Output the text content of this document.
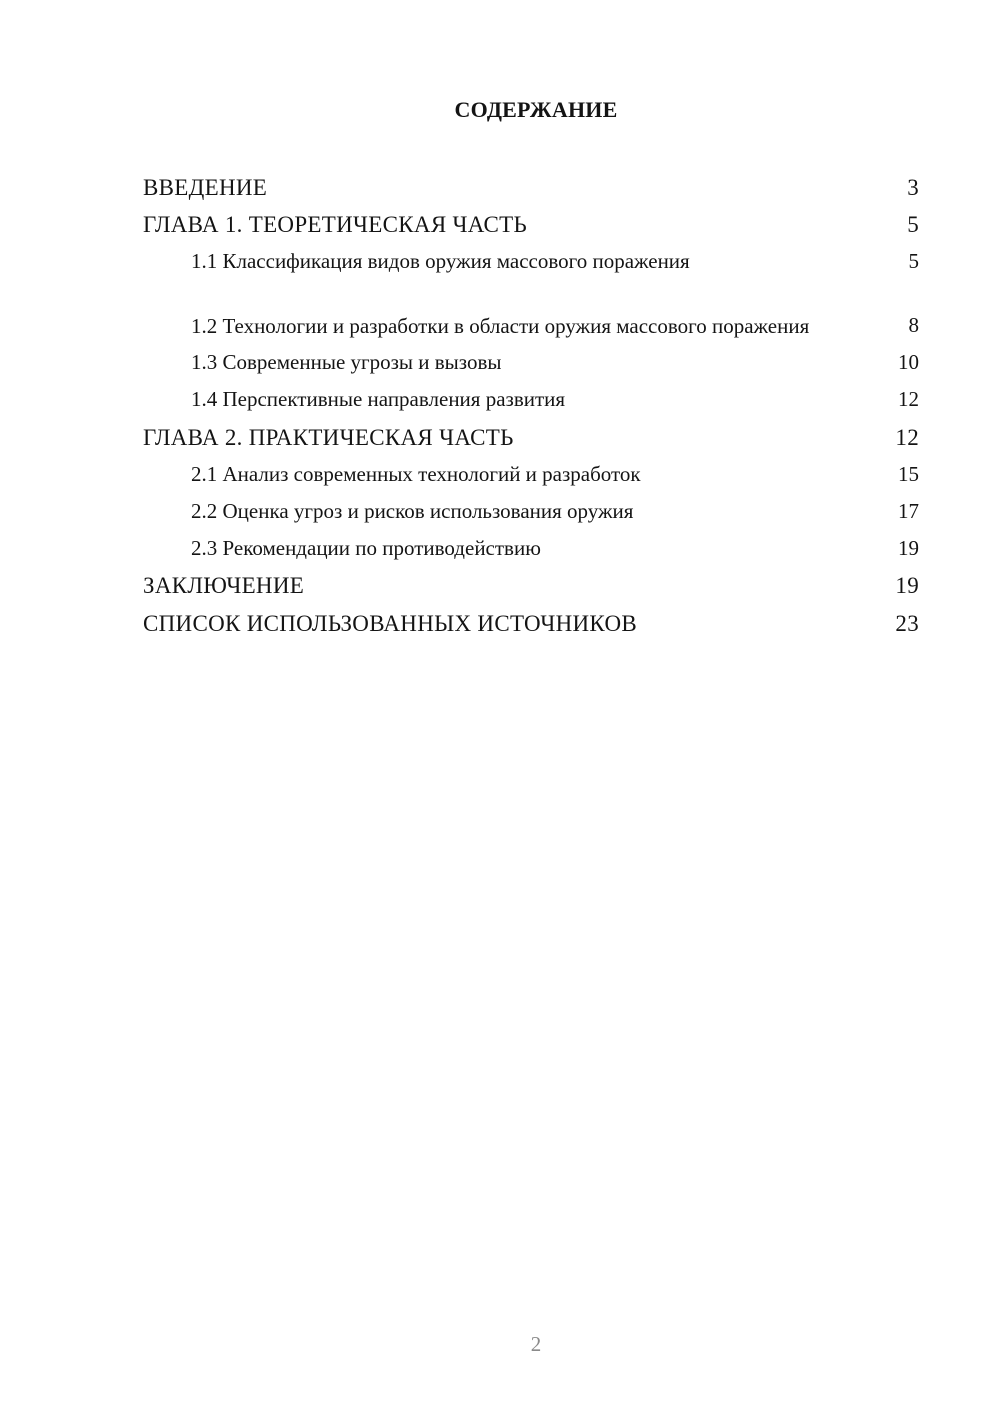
СОДЕРЖАНИЕ
ВВЕДЕНИЕ	3
ГЛАВА 1. ТЕОРЕТИЧЕСКАЯ ЧАСТЬ	5
1.1 Классификация видов оружия массового поражения	5
1.2 Технологии и разработки в области оружия массового поражения	8
1.3 Современные угрозы и вызовы	10
1.4 Перспективные направления развития	12
ГЛАВА 2. ПРАКТИЧЕСКАЯ ЧАСТЬ	12
2.1 Анализ современных технологий и разработок	15
2.2 Оценка угроз и рисков использования оружия	17
2.3 Рекомендации по противодействию	19
ЗАКЛЮЧЕНИЕ	19
СПИСОК ИСПОЛЬЗОВАННЫХ ИСТОЧНИКОВ	23
2
